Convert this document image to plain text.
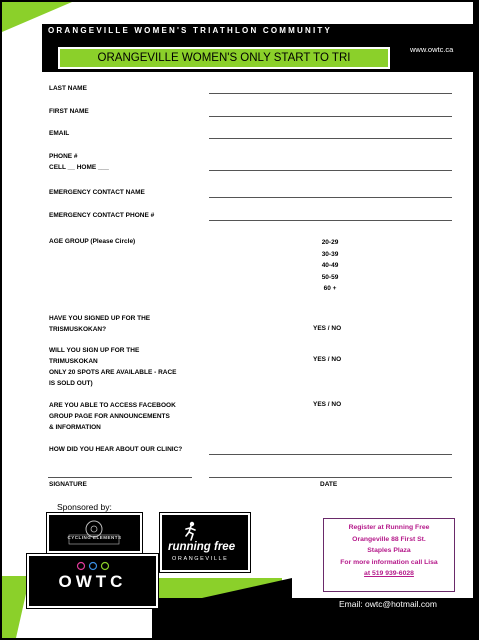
ORANGEVILLE WOMEN'S TRIATHLON COMMUNITY
ORANGEVILLE WOMEN'S ONLY START TO TRI
www.owtc.ca
LAST NAME
FIRST NAME
EMAIL
PHONE #
CELL __ HOME ___
EMERGENCY CONTACT NAME
EMERGENCY CONTACT PHONE #
AGE GROUP (Please Circle)	20-29
30-39
40-49
50-59
60 +
HAVE YOU SIGNED UP FOR THE
TRISMUSKOKAN?	YES / NO
WILL YOU SIGN UP FOR THE
TRIMUSKOKAN
ONLY 20 SPOTS ARE AVAILABLE - RACE
IS SOLD OUT)
YES / NO
ARE YOU ABLE TO ACCESS FACEBOOK
GROUP PAGE FOR ANNOUNCEMENTS
& INFORMATION
YES / NO
HOW DID YOU HEAR ABOUT OUR CLINIC?
SIGNATURE	DATE
Sponsored by:
CYCLING ELEMENTS
running free
ORANGEVILLE
Email: owtc@hotmail.com
OWTC
Register at Running Free
Orangeville 88 First St.
Staples Plaza
For more information call Lisa
at 519 939-6028
